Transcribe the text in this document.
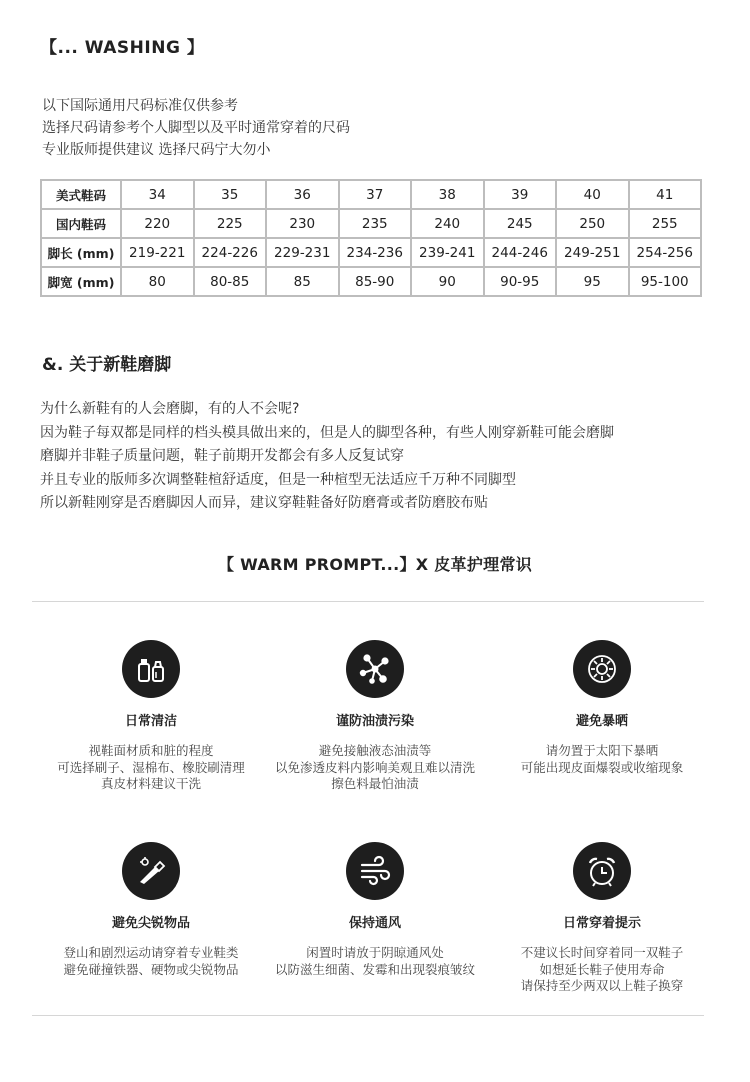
【... WASHING 】
以下国际通用尺码标准仅供参考
选择尺码请参考个人脚型以及平时通常穿着的尺码
专业版师提供建议 选择尺码宁大勿小
美式鞋码	34	35	36	37	38	39	40	41
国内鞋码	220	225	230	235	240	245	250	255
脚长 (mm)	219-221	224-226	229-231	234-236	239-241	244-246	249-251	254-256
脚宽 (mm)	80	80-85	85	85-90	90	90-95	95	95-100
&. 关于新鞋磨脚
为什么新鞋有的人会磨脚，有的人不会呢?
因为鞋子每双都是同样的档头模具做出来的，但是人的脚型各种，有些人刚穿新鞋可能会磨脚
磨脚并非鞋子质量问题，鞋子前期开发都会有多人反复试穿
并且专业的版师多次调整鞋楦舒适度，但是一种楦型无法适应千万种不同脚型
所以新鞋刚穿是否磨脚因人而异，建议穿鞋鞋备好防磨膏或者防磨胶布贴
【 WARM PROMPT...】X 皮革护理常识
日常清洁
视鞋面材质和脏的程度
可选择刷子、湿棉布、橡胶刷清理
真皮材料建议干洗
谨防油渍污染
避免接触液态油渍等
以免渗透皮料内影响美观且难以清洗
擦色料最怕油渍
避免暴晒
请勿置于太阳下暴晒
可能出现皮面爆裂或收缩现象
避免尖锐物品
登山和剧烈运动请穿着专业鞋类
避免碰撞铁器、硬物或尖锐物品
保持通风
闲置时请放于阴晾通风处
以防滋生细菌、发霉和出现裂痕皱纹
日常穿着提示
不建议长时间穿着同一双鞋子
如想延长鞋子使用寿命
请保持至少两双以上鞋子换穿
